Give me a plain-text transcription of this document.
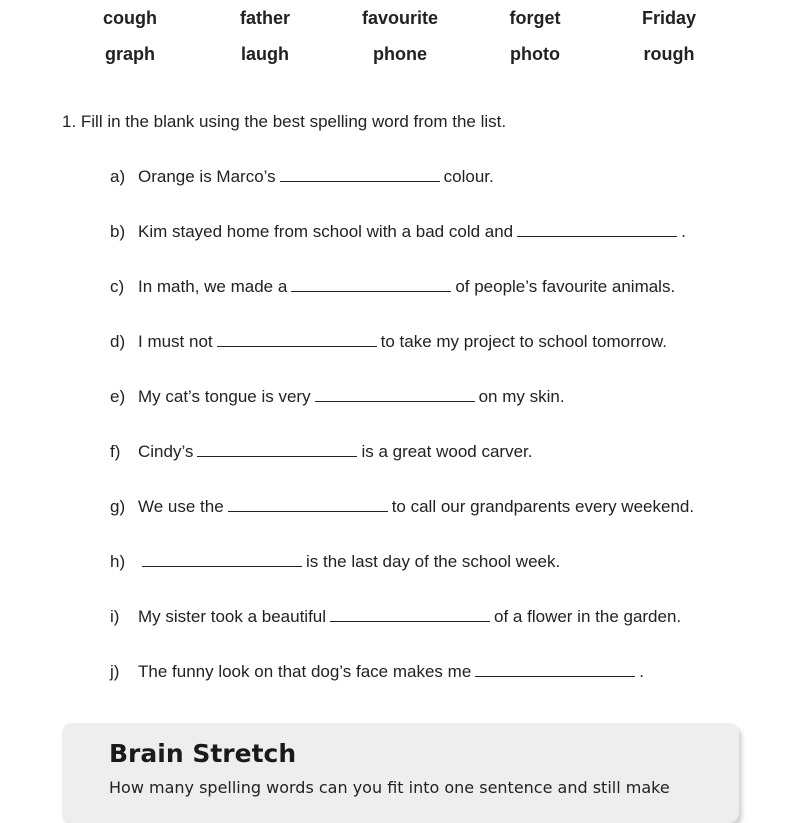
cough	father	favourite	forget	Friday
graph	laugh	phone	photo	rough
1. Fill in the blank using the best spelling word from the list.
a) Orange is Marco’s	colour.
b) Kim stayed home from school with a bad cold and	.
c) In math, we made a	of people’s favourite animals.
d) I must not	to take my project to school tomorrow.
e) My cat’s tongue is very	on my skin.
f) Cindy’s	is a great wood carver.
g) We use the	to call our grandparents every weekend.
h)	is the last day of the school week.
i) My sister took a beautiful	of a flower in the garden.
j) The funny look on that dog’s face makes me	.
Brain Stretch
How many spelling words can you fit into one sentence and still make
